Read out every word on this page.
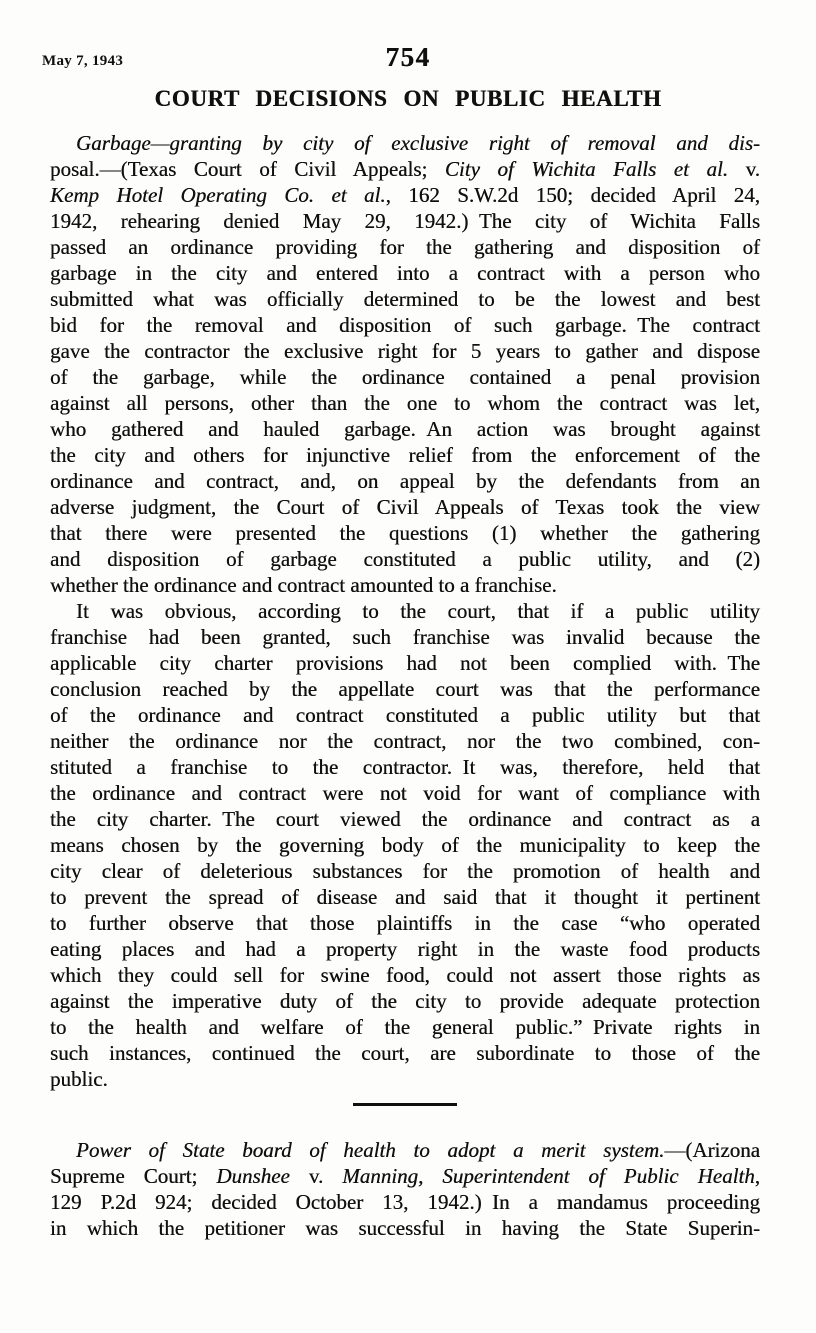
May 7, 1943	754
COURT DECISIONS ON PUBLIC HEALTH
Garbage—granting by city of exclusive right of removal and dis-
posal.—(Texas Court of Civil Appeals; City of Wichita Falls et al. v.
Kemp Hotel Operating Co. et al., 162 S.W.2d 150; decided April 24,
1942, rehearing denied May 29, 1942.) The city of Wichita Falls
passed an ordinance providing for the gathering and disposition of
garbage in the city and entered into a contract with a person who
submitted what was officially determined to be the lowest and best
bid for the removal and disposition of such garbage. The contract
gave the contractor the exclusive right for 5 years to gather and dispose
of the garbage, while the ordinance contained a penal provision
against all persons, other than the one to whom the contract was let,
who gathered and hauled garbage. An action was brought against
the city and others for injunctive relief from the enforcement of the
ordinance and contract, and, on appeal by the defendants from an
adverse judgment, the Court of Civil Appeals of Texas took the view
that there were presented the questions (1) whether the gathering
and disposition of garbage constituted a public utility, and (2)
whether the ordinance and contract amounted to a franchise.
It was obvious, according to the court, that if a public utility
franchise had been granted, such franchise was invalid because the
applicable city charter provisions had not been complied with. The
conclusion reached by the appellate court was that the performance
of the ordinance and contract constituted a public utility but that
neither the ordinance nor the contract, nor the two combined, con-
stituted a franchise to the contractor. It was, therefore, held that
the ordinance and contract were not void for want of compliance with
the city charter. The court viewed the ordinance and contract as a
means chosen by the governing body of the municipality to keep the
city clear of deleterious substances for the promotion of health and
to prevent the spread of disease and said that it thought it pertinent
to further observe that those plaintiffs in the case “who operated
eating places and had a property right in the waste food products
which they could sell for swine food, could not assert those rights as
against the imperative duty of the city to provide adequate protection
to the health and welfare of the general public.” Private rights in
such instances, continued the court, are subordinate to those of the
public.
Power of State board of health to adopt a merit system.—(Arizona
Supreme Court; Dunshee v. Manning, Superintendent of Public Health,
129 P.2d 924; decided October 13, 1942.) In a mandamus proceeding
in which the petitioner was successful in having the State Superin-
